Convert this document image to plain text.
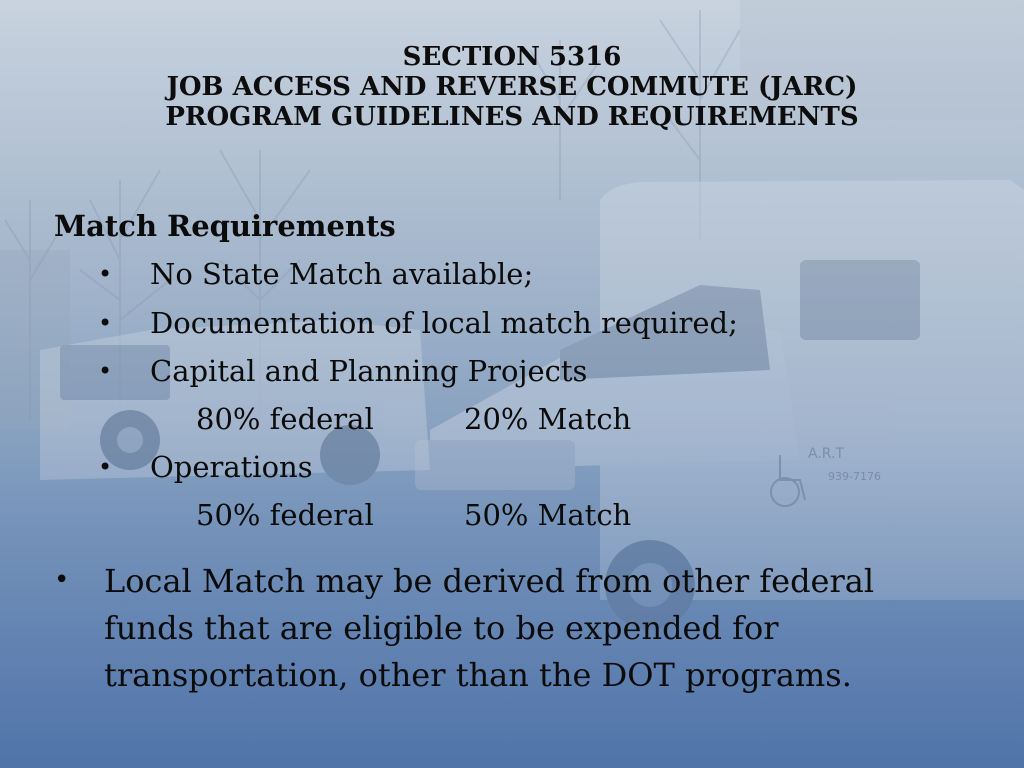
SECTION 5316
JOB ACCESS AND REVERSE COMMUTE (JARC)
PROGRAM GUIDELINES AND REQUIREMENTS
Match Requirements
• No State Match available;
• Documentation of local match required;
• Capital and Planning Projects
80% federal	20% Match
• Operations
50% federal	50% Match
• Local Match may be derived from other federal
funds that are eligible to be expended for
transportation, other than the DOT programs.
